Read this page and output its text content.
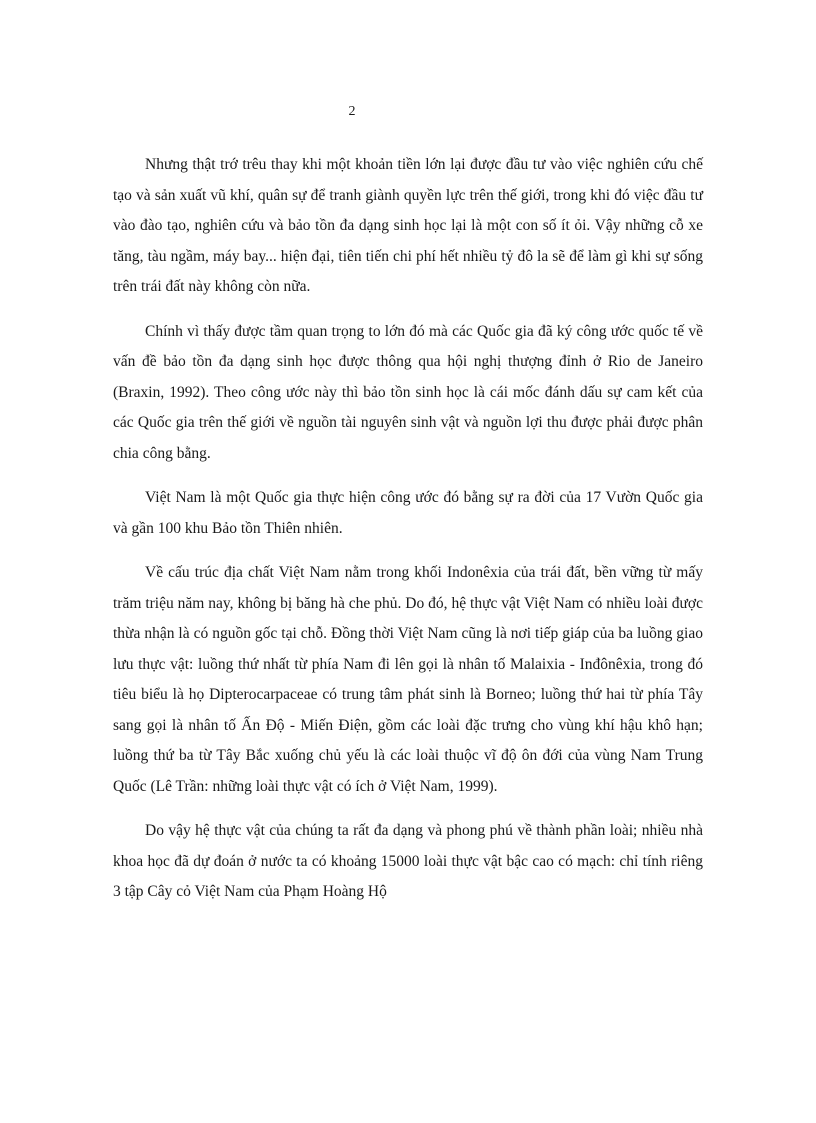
2

Nhưng thật trớ trêu thay khi một khoản tiền lớn lại được đầu tư vào việc nghiên cứu chế tạo và sản xuất vũ khí, quân sự để tranh giành quyền lực trên thế giới, trong khi đó việc đầu tư vào đào tạo, nghiên cứu và bảo tồn đa dạng sinh học lại là một con số ít ỏi. Vậy những cỗ xe tăng, tàu ngầm, máy bay... hiện đại, tiên tiến chi phí hết nhiều tỷ đô la sẽ để làm gì khi sự sống trên trái đất này không còn nữa.

Chính vì thấy được tầm quan trọng to lớn đó mà các Quốc gia đã ký công ước quốc tế về vấn đề bảo tồn đa dạng sinh học được thông qua hội nghị thượng đỉnh ở Rio de Janeiro (Braxin, 1992). Theo công ước này thì bảo tồn sinh học là cái mốc đánh dấu sự cam kết của các Quốc gia trên thế giới về nguồn tài nguyên sinh vật và nguồn lợi thu được phải được phân chia công bằng.

Việt Nam là một Quốc gia thực hiện công ước đó bằng sự ra đời của 17 Vườn Quốc gia và gần 100 khu Bảo tồn Thiên nhiên.

Về cấu trúc địa chất Việt Nam nằm trong khối Indonêxia của trái đất, bền vững từ mấy trăm triệu năm nay, không bị băng hà che phủ. Do đó, hệ thực vật Việt Nam có nhiều loài được thừa nhận là có nguồn gốc tại chỗ. Đồng thời Việt Nam cũng là nơi tiếp giáp của ba luồng giao lưu thực vật: luồng thứ nhất từ phía Nam đi lên gọi là nhân tố Malaixia - Inđônêxia, trong đó tiêu biểu là họ Dipterocarpaceae có trung tâm phát sinh là Borneo; luồng thứ hai từ phía Tây sang gọi là nhân tố Ấn Độ - Miến Điện, gồm các loài đặc trưng cho vùng khí hậu khô hạn; luồng thứ ba từ Tây Bắc xuống chủ yếu là các loài thuộc vĩ độ ôn đới của vùng Nam Trung Quốc (Lê Trần: những loài thực vật có ích ở Việt Nam, 1999).

Do vậy hệ thực vật của chúng ta rất đa dạng và phong phú về thành phần loài; nhiều nhà khoa học đã dự đoán ở nước ta có khoảng 15000 loài thực vật bậc cao có mạch: chỉ tính riêng 3 tập Cây cỏ Việt Nam của Phạm Hoàng Hộ
